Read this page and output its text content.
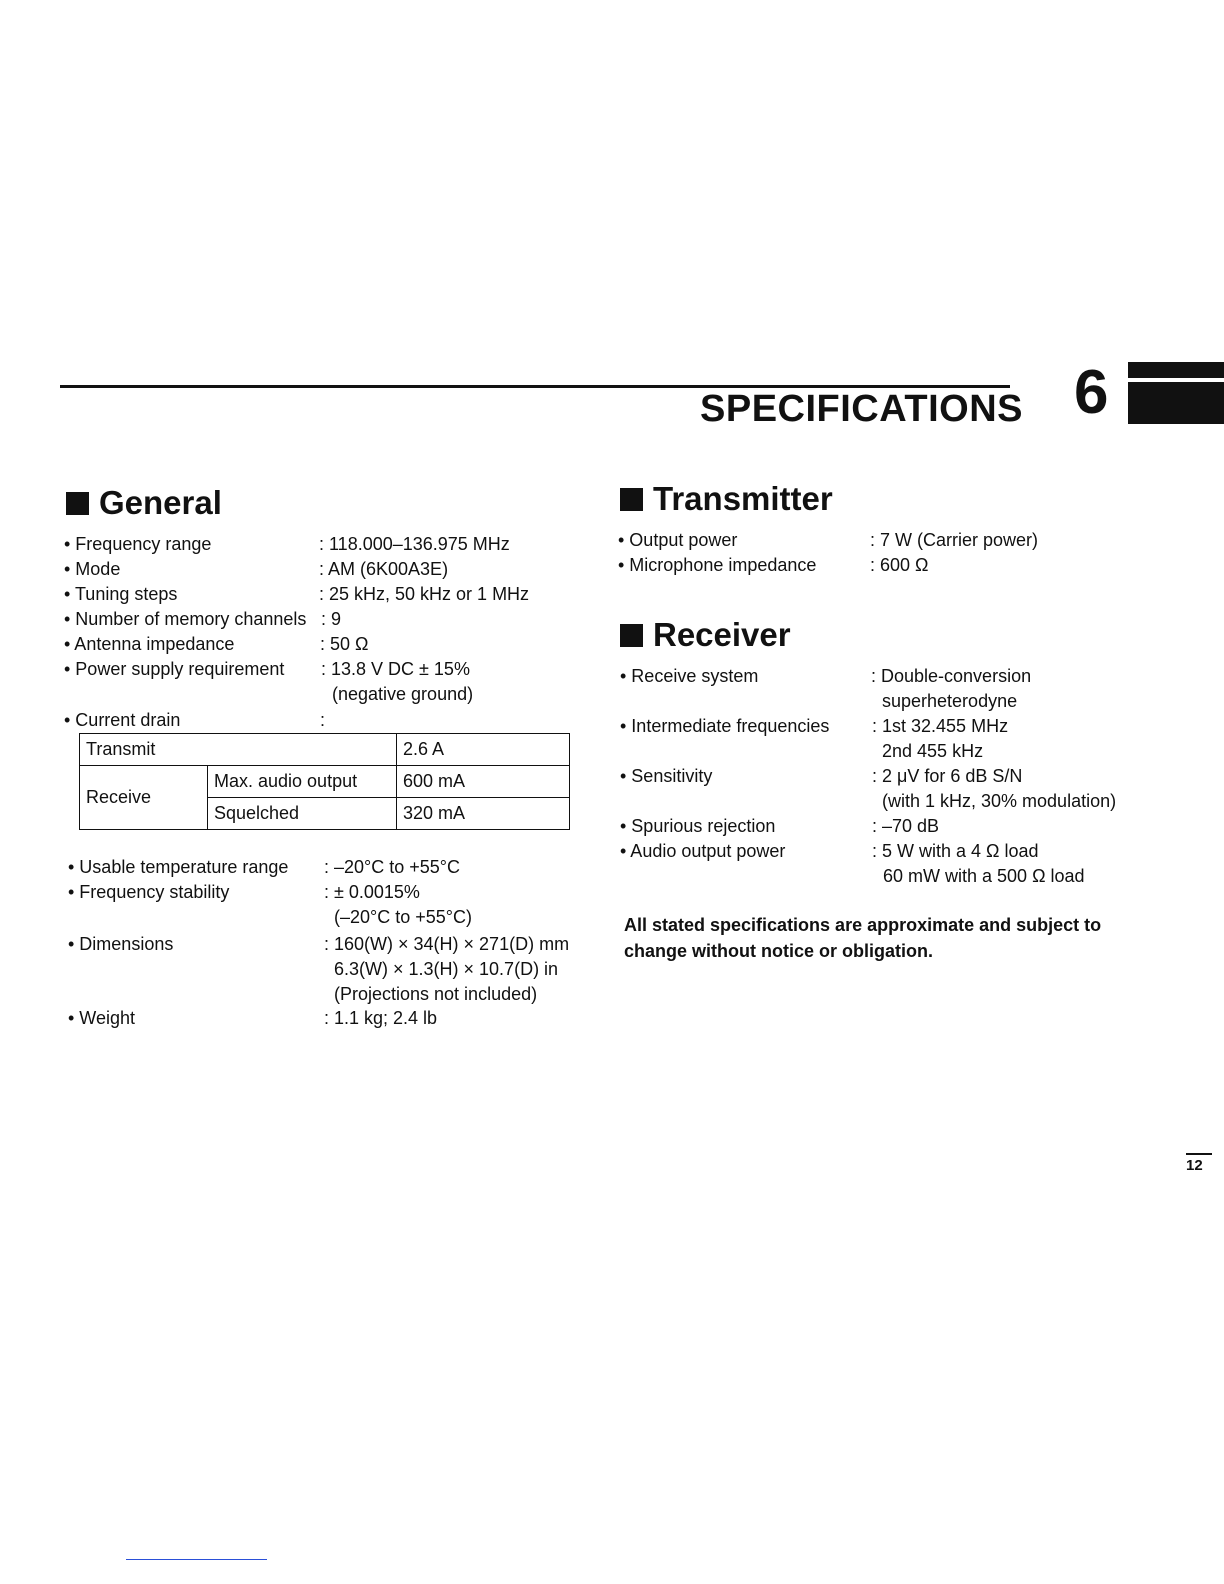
SPECIFICATIONS 6
General
• Frequency range	: 118.000–136.975 MHz
• Mode	: AM (6K00A3E)
• Tuning steps	: 25 kHz, 50 kHz or 1 MHz
• Number of memory channels : 9
• Antenna impedance	: 50 Ω
• Power supply requirement : 13.8 V DC ± 15%
(negative ground)
• Current drain	:
Transmit		2.6 A
Receive	Max. audio output	600 mA
	Squelched	320 mA
• Usable temperature range : –20°C to +55°C
• Frequency stability	: ± 0.0015%
(–20°C to +55°C)
• Dimensions	: 160(W) × 34(H) × 271(D) mm
6.3(W) × 1.3(H) × 10.7(D) in
(Projections not included)
• Weight	: 1.1 kg; 2.4 lb
Transmitter
• Output power	: 7 W (Carrier power)
• Microphone impedance	: 600 Ω
Receiver
• Receive system	: Double-conversion
superheterodyne
• Intermediate frequencies : 1st 32.455 MHz
2nd 455 kHz
• Sensitivity	: 2 μV for 6 dB S/N
(with 1 kHz, 30% modulation)
• Spurious rejection	: –70 dB
• Audio output power	: 5 W with a 4 Ω load
60 mW with a 500 Ω load
All stated specifications are approximate and subject to change without notice or obligation.
12
